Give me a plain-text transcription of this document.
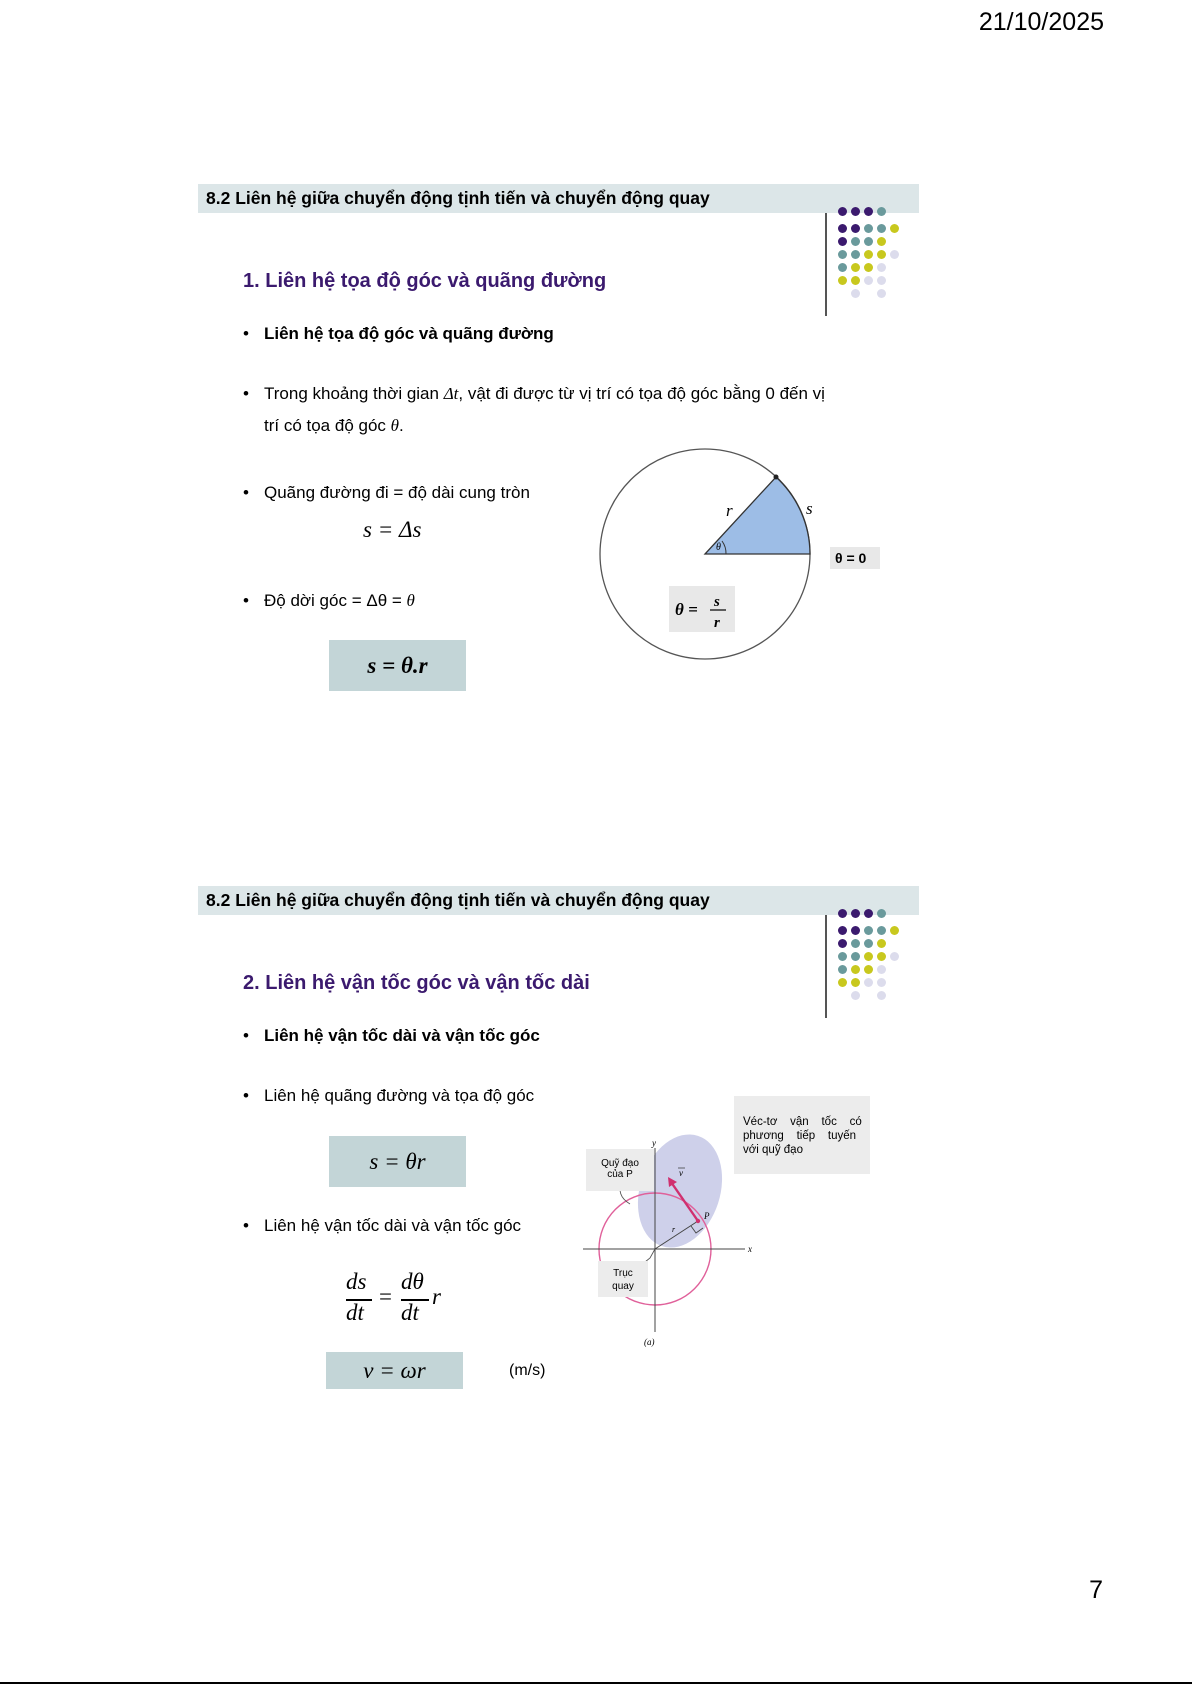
21/10/2025
8.2 Liên hệ giữa chuyển động tịnh tiến và chuyển động quay
1. Liên hệ tọa độ góc và quãng đường
• Liên hệ tọa độ góc và quãng đường
• Trong khoảng thời gian Δt, vật đi được từ vị trí có tọa độ góc bằng 0 đến vị
trí có tọa độ góc θ.
• Quãng đường đi = độ dài cung tròn
s = Δs
• Độ dời góc = Δθ = θ
s = θ.r
θ
r	s
θ = 0
θ = s
r
8.2 Liên hệ giữa chuyển động tịnh tiến và chuyển động quay
2. Liên hệ vận tốc góc và vận tốc dài
• Liên hệ vận tốc dài và vận tốc góc
• Liên hệ quãng đường và tọa độ góc
s = θr
• Liên hệ vận tốc dài và vận tốc góc
ds
dt
=
dθ
dt
r
v = ωr	(m/s)
y
x
r
P
v
Quỹ đạo
của P
Trục
quay
(a)
Véc-tơ    vận    tốc    có
phương    tiếp    tuyến
với quỹ đạo
7
